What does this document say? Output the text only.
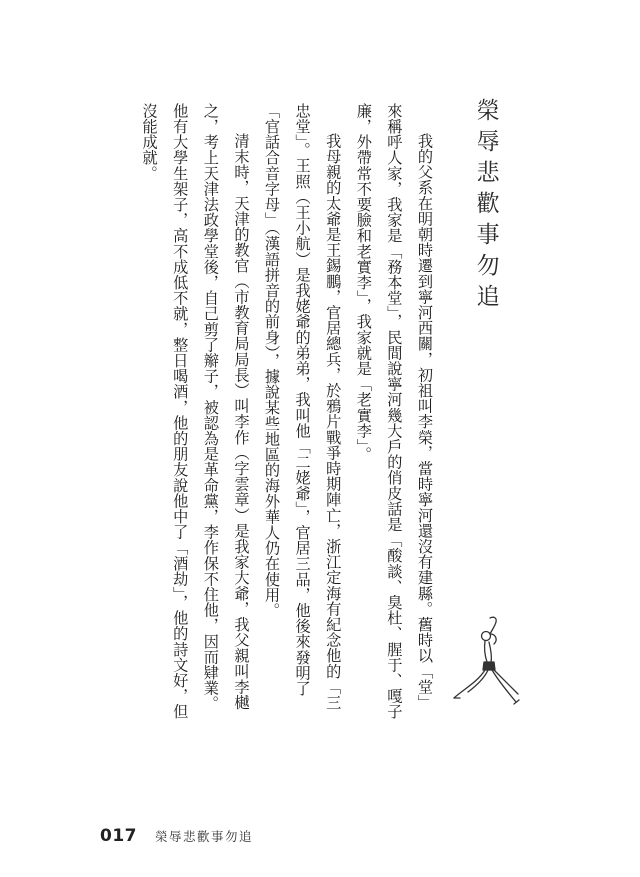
榮辱悲歡事勿追

我的父系在明朝時遷到寧河西關，初祖叫李榮，當時寧河還沒有建縣。舊時以「堂」來稱呼人家，我家是「務本堂」，民間說寧河幾大戶的俏皮話是「酸談、臭杜、腥于、嘎子廉，外帶常不要臉和老實李」，我家就是「老實李」。

我母親的太爺是王錫鵬，官居總兵，於鴉片戰爭時期陣亡，浙江定海有紀念他的「三忠堂」。王照（王小航）是我姥爺的弟弟，我叫他「二姥爺」，官居三品，他後來發明了「官話合音字母」（漢語拼音的前身），據說某些地區的海外華人仍在使用。

清末時，天津的教官（市教育局局長）叫李作（字雲章）是我家大爺，我父親叫李樾之，考上天津法政學堂後，自己剪了辮子，被認為是革命黨，李作保不住他，因而肄業。他有大學生架子，高不成低不就，整日喝酒，他的朋友說他中了「酒劫」，他的詩文好，但沒能成就。

017 榮辱悲歡事勿追
